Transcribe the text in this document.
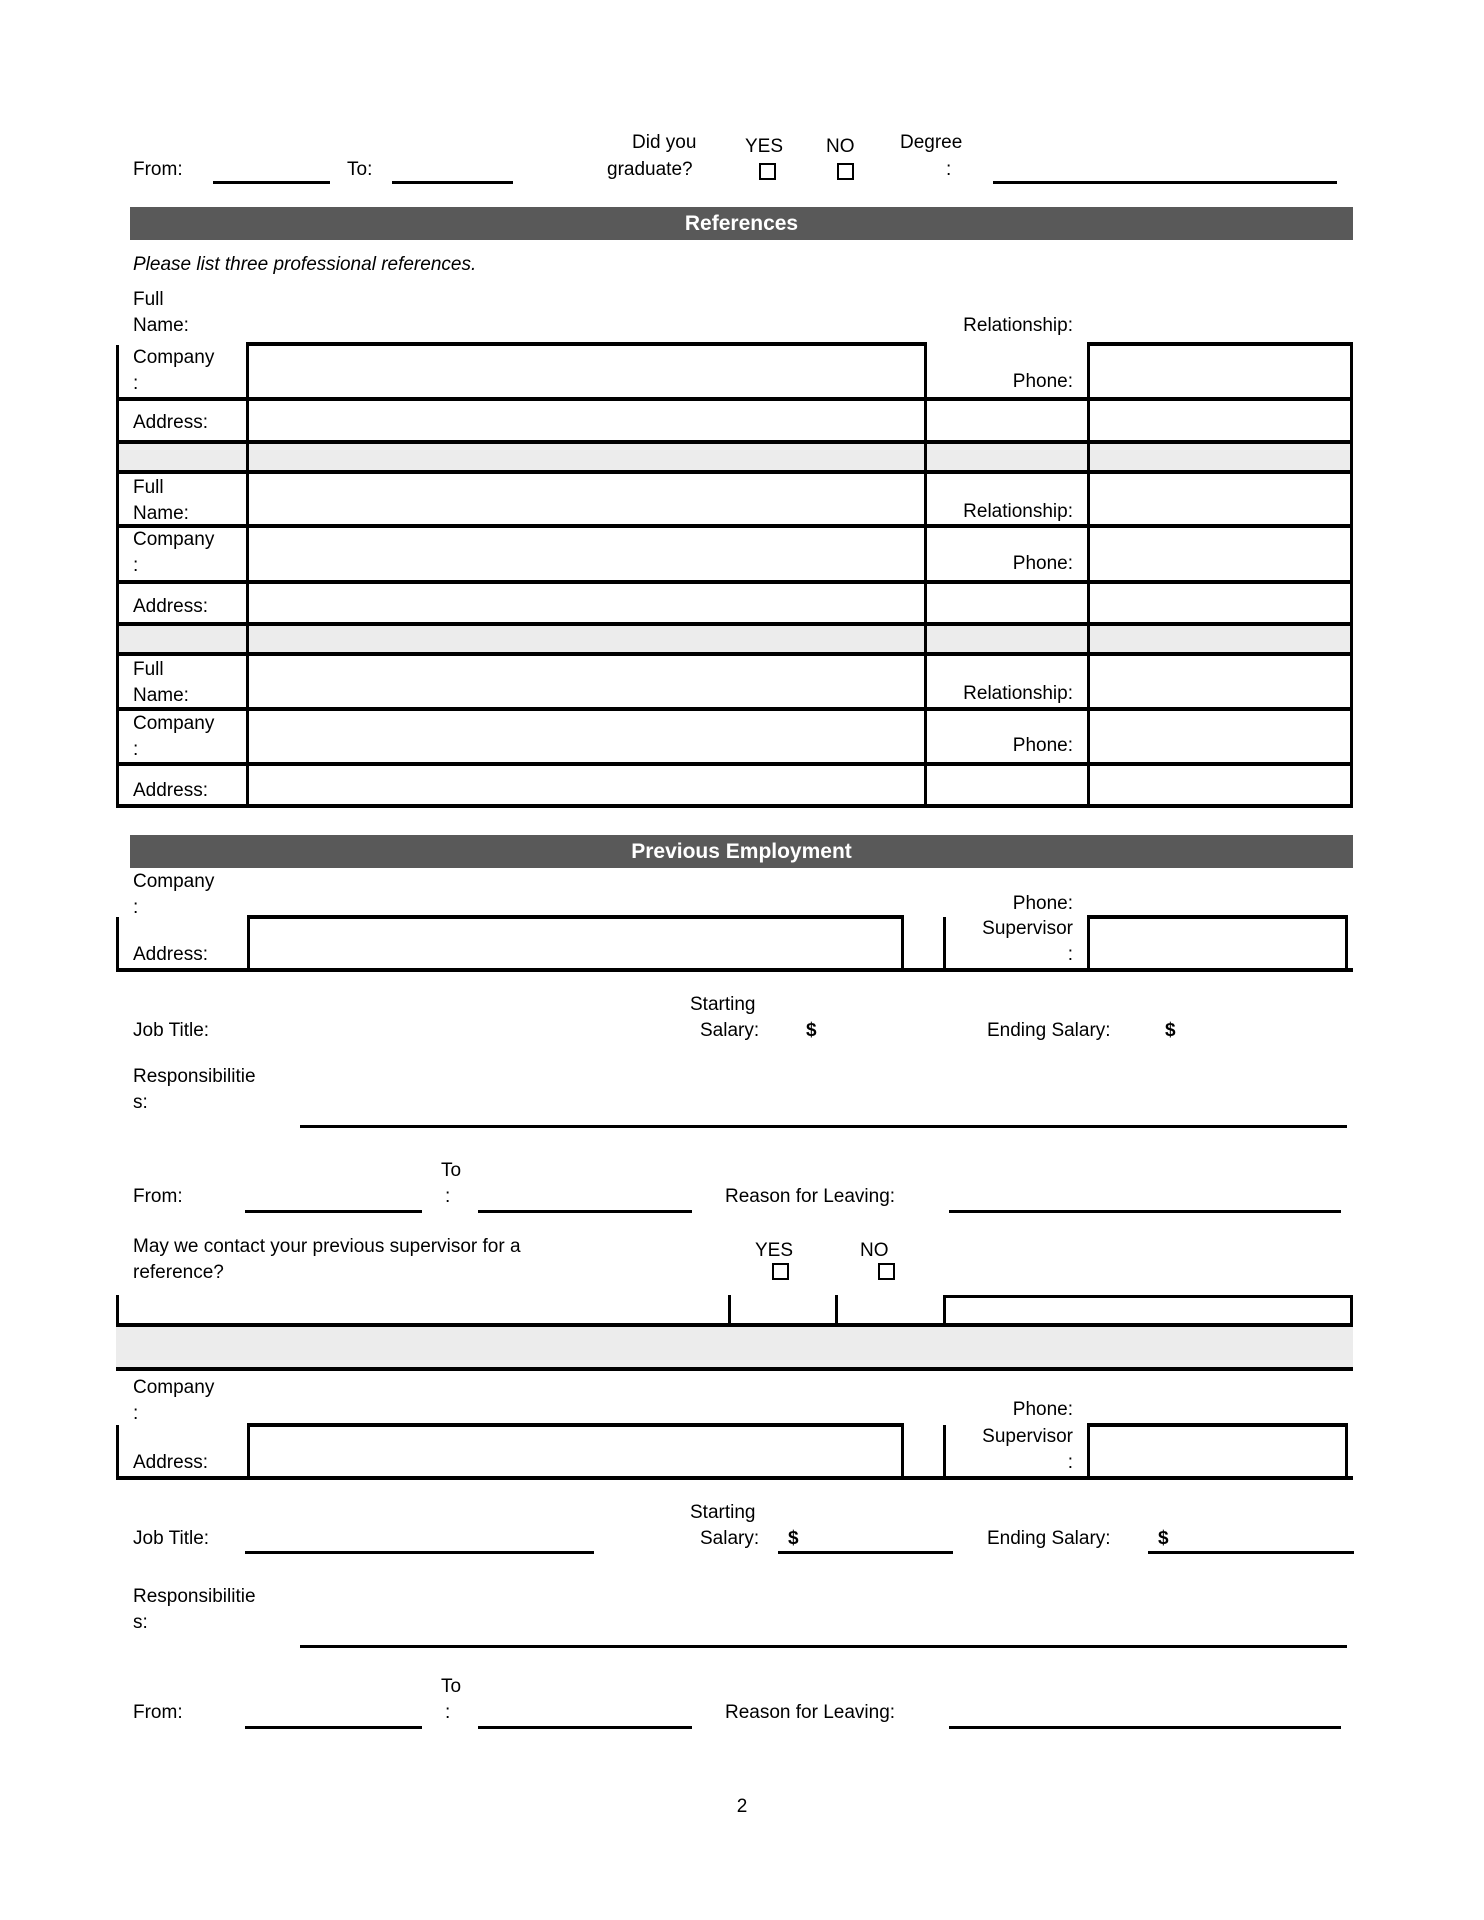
From:	To:
Did you
graduate?
YES NO Degree
:
References
Please list three professional references.
Full
Name:	Relationship:
Company
:	Phone:
Address:
Full
Name:	Relationship:
Company
:	Phone:
Address:
Full
Name:	Relationship:
Company
:	Phone:
Address:
Previous Employment
Company
:	Phone:
Supervisor
:
Address:
Starting
Job Title:	Salary: $	Ending Salary:	$
Responsibilitie
s:
To
From:	:	Reason for Leaving:
May we contact your previous supervisor for a
reference?
YES	NO
Company
:	Phone:
Supervisor
:
Address:
Starting
Job Title:	Salary: $	Ending Salary: $
Responsibilitie
s:
To
From:	:	Reason for Leaving:
2
